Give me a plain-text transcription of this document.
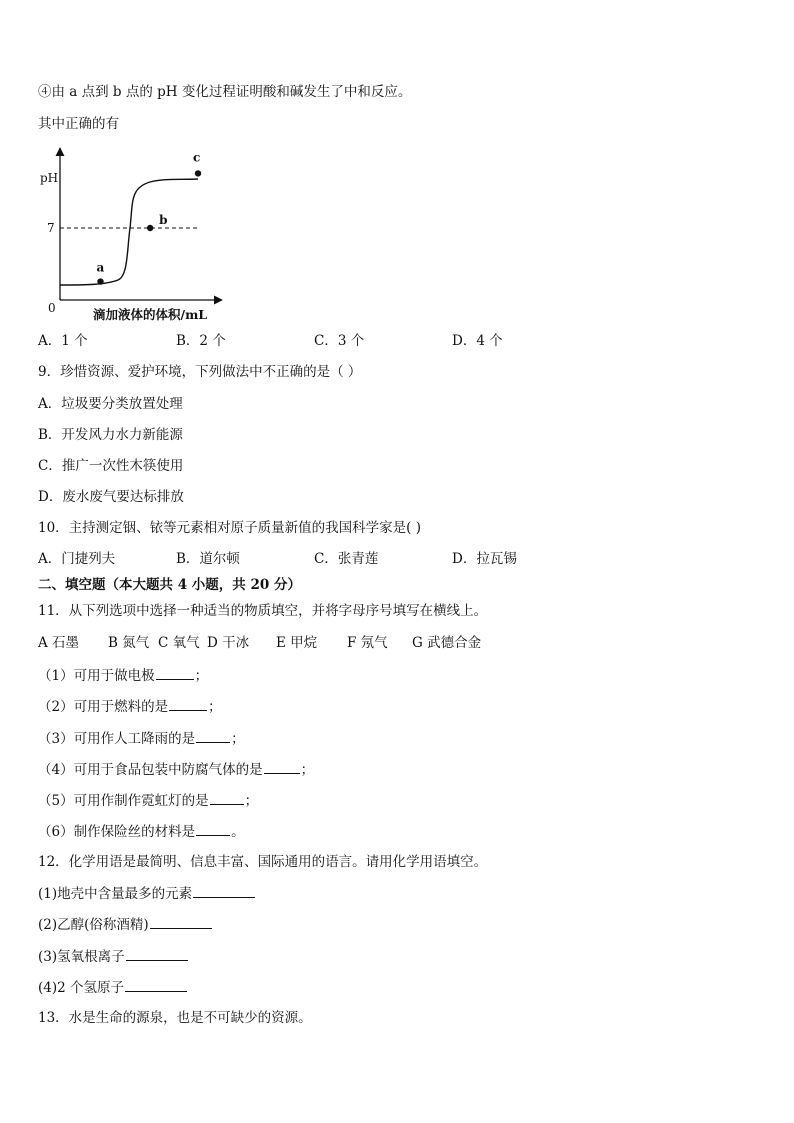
④由 a 点到 b 点的 pH 变化过程证明酸和碱发生了中和反应。
其中正确的有
a
b
c
pH
7
0	滴加液体的体积/mL
A．1 个	B．2 个	C．3 个	D．4 个
9．珍惜资源、爱护环境，下列做法中不正确的是（ ）
A．垃圾要分类放置处理
B．开发风力水力新能源
C．推广一次性木筷使用
D．废水废气要达标排放
10．主持测定铟、铱等元素相对原子质量新值的我国科学家是( )
A．门捷列夫	B．道尔顿	C．张青莲	D．拉瓦锡
二、填空题（本大题共 4 小题，共 20 分）
11．从下列选项中选择一种适当的物质填空，并将字母序号填写在横线上。
A 石墨 B 氮气 C 氧气 D 干冰 E 甲烷 F 氖气 G 武德合金
（1）可用于做电极	；
（2）可用于燃料的是	；
（3）可用作人工降雨的是	；
（4）可用于食品包装中防腐气体的是	；
（5）可用作制作霓虹灯的是	；
（6）制作保险丝的材料是	。
12．化学用语是最简明、信息丰富、国际通用的语言。请用化学用语填空。
(1)地壳中含量最多的元素
(2)乙醇(俗称酒精)
(3)氢氧根离子
(4)2 个氢原子
13．水是生命的源泉，也是不可缺少的资源。
